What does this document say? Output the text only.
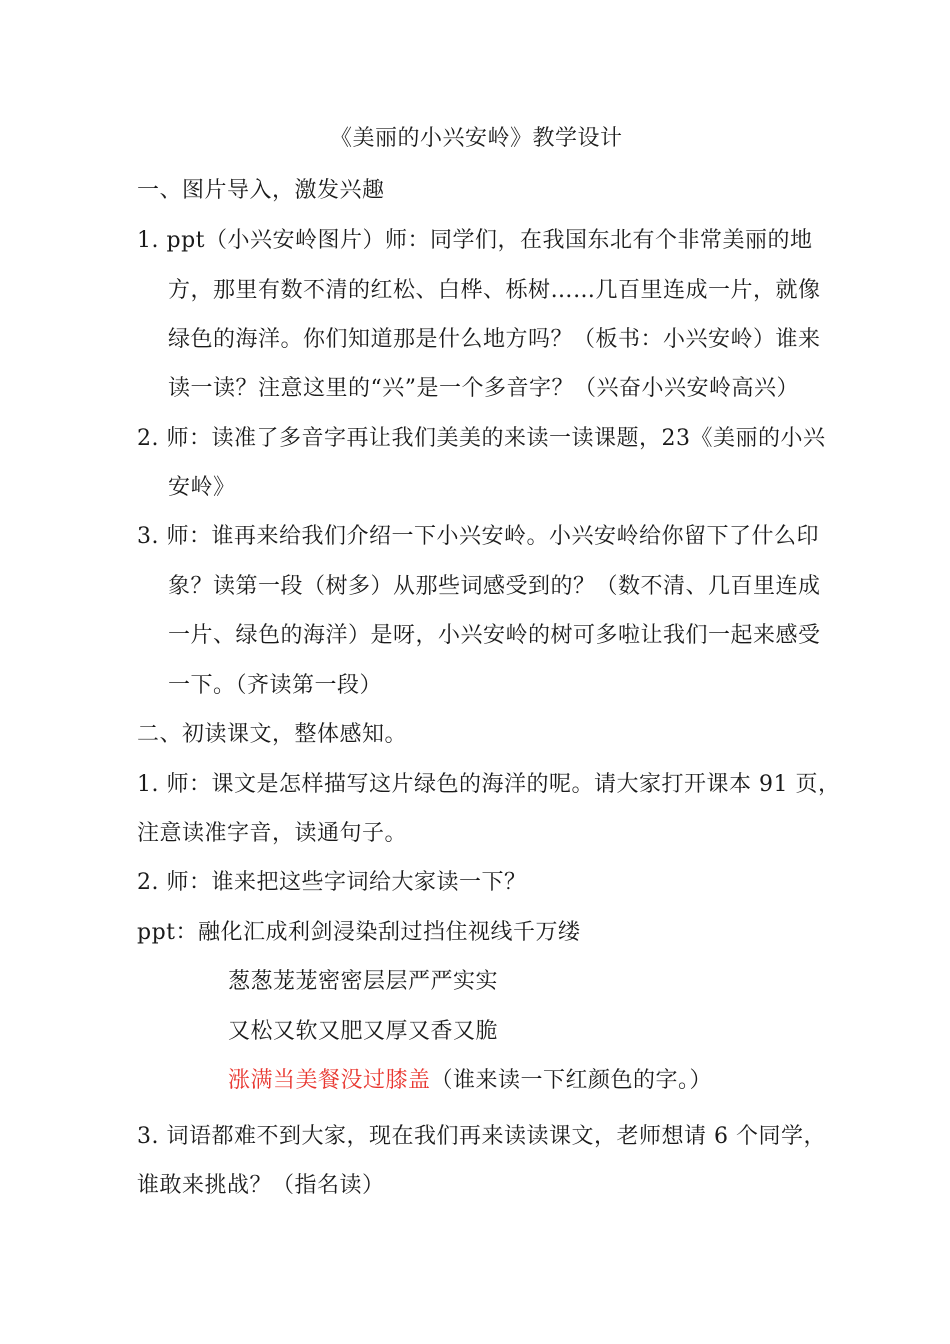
《美丽的小兴安岭》教学设计
一、图片导入，激发兴趣
1. ppt（小兴安岭图片）师：同学们，在我国东北有个非常美丽的地
方，那里有数不清的红松、白桦、栎树……几百里连成一片，就像
绿色的海洋。你们知道那是什么地方吗？（板书：小兴安岭）谁来
读一读？注意这里的“兴”是一个多音字？（兴奋小兴安岭高兴）
2. 师：读准了多音字再让我们美美的来读一读课题，23《美丽的小兴
安岭》
3. 师：谁再来给我们介绍一下小兴安岭。小兴安岭给你留下了什么印
象？读第一段（树多）从那些词感受到的？（数不清、几百里连成
一片、绿色的海洋）是呀，小兴安岭的树可多啦让我们一起来感受
一下。（齐读第一段）
二、初读课文，整体感知。
1. 师：课文是怎样描写这片绿色的海洋的呢。请大家打开课本 91 页，
注意读准字音，读通句子。
2. 师：谁来把这些字词给大家读一下？
ppt：融化汇成利剑浸染刮过挡住视线千万缕
葱葱茏茏密密层层严严实实
又松又软又肥又厚又香又脆
涨满当美餐没过膝盖（谁来读一下红颜色的字。）
3. 词语都难不到大家，现在我们再来读读课文，老师想请 6 个同学，
谁敢来挑战？（指名读）
